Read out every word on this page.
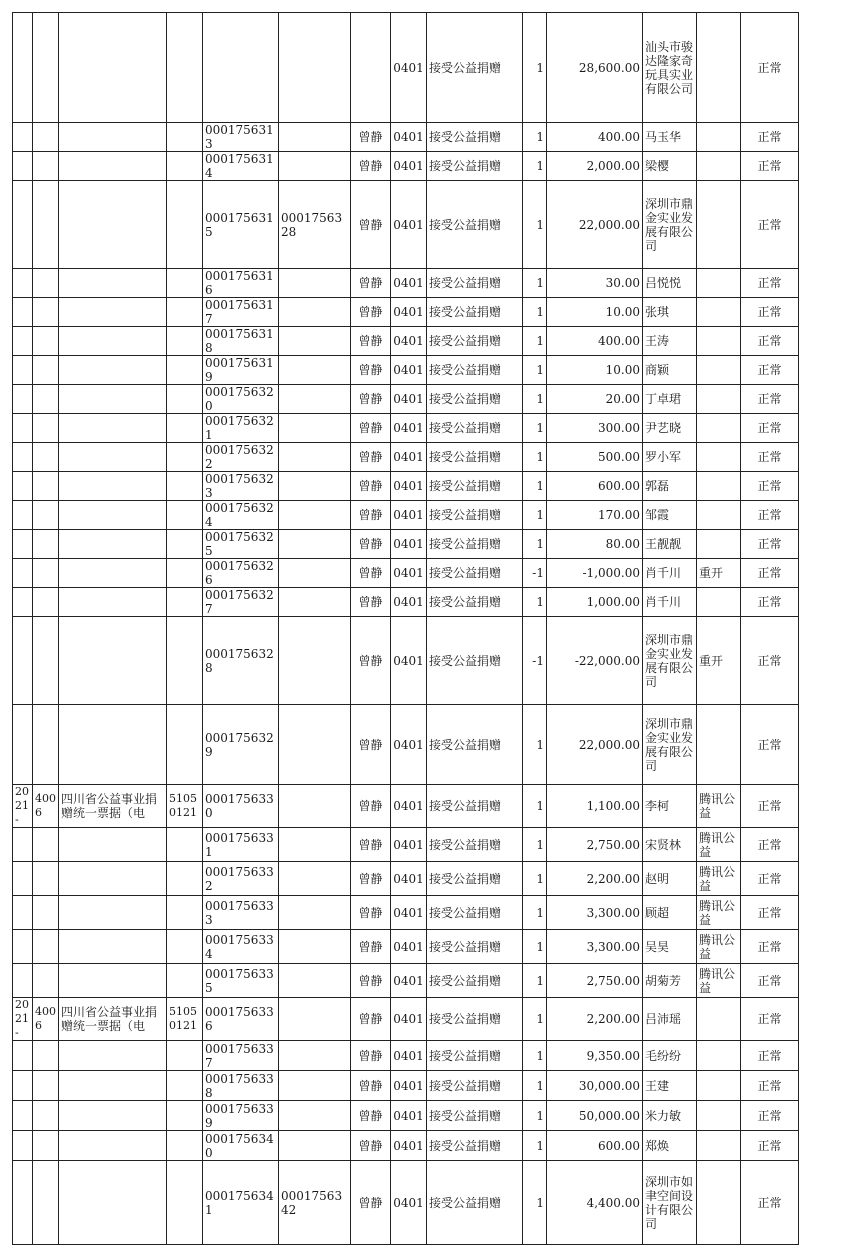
							0401	接受公益捐赠	1	28,600.00	汕头市骏达隆家奇玩具实业有限公司		正常
				0001756313		曾静	0401	接受公益捐赠	1	400.00	马玉华		正常
				0001756314		曾静	0401	接受公益捐赠	1	2,000.00	梁樱		正常
				0001756315	0001756328	曾静	0401	接受公益捐赠	1	22,000.00	深圳市鼎金实业发展有限公司		正常
				0001756316		曾静	0401	接受公益捐赠	1	30.00	吕悦悦		正常
				0001756317		曾静	0401	接受公益捐赠	1	10.00	张琪		正常
				0001756318		曾静	0401	接受公益捐赠	1	400.00	王涛		正常
				0001756319		曾静	0401	接受公益捐赠	1	10.00	商颖		正常
				0001756320		曾静	0401	接受公益捐赠	1	20.00	丁卓珺		正常
				0001756321		曾静	0401	接受公益捐赠	1	300.00	尹艺晓		正常
				0001756322		曾静	0401	接受公益捐赠	1	500.00	罗小军		正常
				0001756323		曾静	0401	接受公益捐赠	1	600.00	郭磊		正常
				0001756324		曾静	0401	接受公益捐赠	1	170.00	邹霞		正常
				0001756325		曾静	0401	接受公益捐赠	1	80.00	王靓靓		正常
				0001756326		曾静	0401	接受公益捐赠	-1	-1,000.00	肖千川	重开	正常
				0001756327		曾静	0401	接受公益捐赠	1	1,000.00	肖千川		正常
				0001756328		曾静	0401	接受公益捐赠	-1	-22,000.00	深圳市鼎金实业发展有限公司	重开	正常
				0001756329		曾静	0401	接受公益捐赠	1	22,000.00	深圳市鼎金实业发展有限公司		正常
2021-	4006	四川省公益事业捐赠统一票据（电	51050121	0001756330		曾静	0401	接受公益捐赠	1	1,100.00	李柯	腾讯公益	正常
				0001756331		曾静	0401	接受公益捐赠	1	2,750.00	宋贤林	腾讯公益	正常
				0001756332		曾静	0401	接受公益捐赠	1	2,200.00	赵明	腾讯公益	正常
				0001756333		曾静	0401	接受公益捐赠	1	3,300.00	顾超	腾讯公益	正常
				0001756334		曾静	0401	接受公益捐赠	1	3,300.00	吴昊	腾讯公益	正常
				0001756335		曾静	0401	接受公益捐赠	1	2,750.00	胡菊芳	腾讯公益	正常
2021-	4006	四川省公益事业捐赠统一票据（电	51050121	0001756336		曾静	0401	接受公益捐赠	1	2,200.00	吕沛瑶		正常
				0001756337		曾静	0401	接受公益捐赠	1	9,350.00	毛纷纷		正常
				0001756338		曾静	0401	接受公益捐赠	1	30,000.00	王建		正常
				0001756339		曾静	0401	接受公益捐赠	1	50,000.00	米力敏		正常
				0001756340		曾静	0401	接受公益捐赠	1	600.00	郑焕		正常
				0001756341	0001756342	曾静	0401	接受公益捐赠	1	4,400.00	深圳市如聿空间设计有限公司		正常
